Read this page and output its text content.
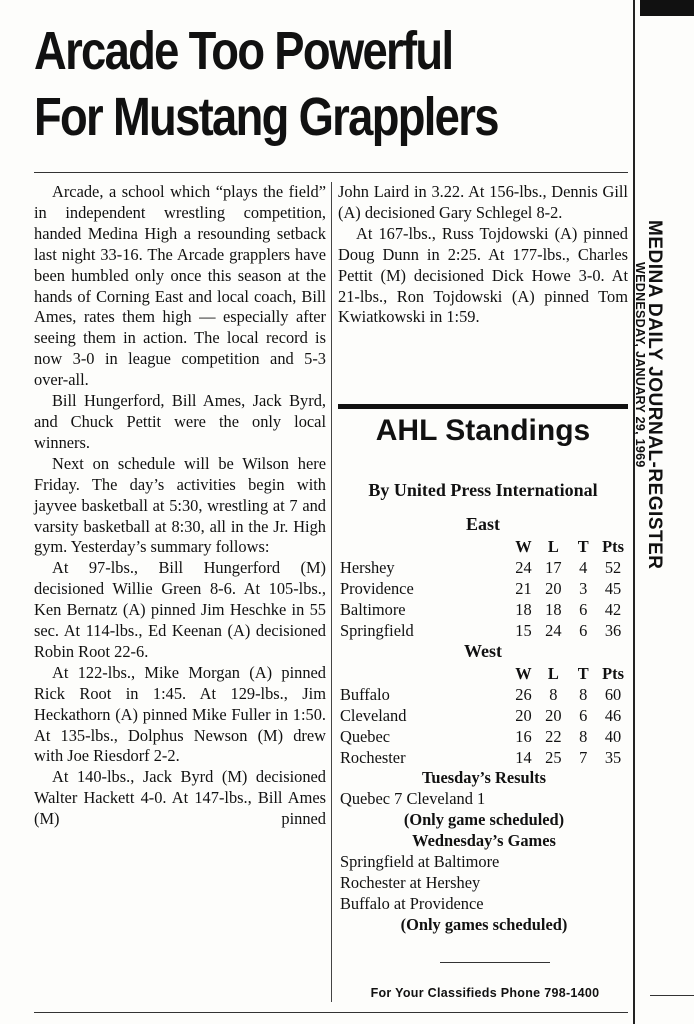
Arcade Too Powerful
For Mustang Grapplers

Arcade, a school which “plays the field” in independent wrestling competition, handed Medina High a resounding setback last night 33-16. The Arcade grapplers have been humbled only once this season at the hands of Corning East and local coach, Bill Ames, rates them high — especially after seeing them in action. The local record is now 3-0 in league competition and 5-3 over-all.

Bill Hungerford, Bill Ames, Jack Byrd, and Chuck Pettit were the only local winners.

Next on schedule will be Wilson here Friday. The day’s activities begin with jayvee basketball at 5:30, wrestling at 7 and varsity basketball at 8:30, all in the Jr. High gym. Yesterday’s summary follows:

At 97-lbs., Bill Hungerford (M) decisioned Willie Green 8-6. At 105-lbs., Ken Bernatz (A) pinned Jim Heschke in 55 sec. At 114-lbs., Ed Keenan (A) decisioned Robin Root 22-6.

At 122-lbs., Mike Morgan (A) pinned Rick Root in 1:45. At 129-lbs., Jim Heckathorn (A) pinned Mike Fuller in 1:50. At 135-lbs., Dolphus Newson (M) drew with Joe Riesdorf 2-2.

At 140-lbs., Jack Byrd (M) decisioned Walter Hackett 4-0. At 147-lbs., Bill Ames (M) pinned

John Laird in 3.22. At 156-lbs., Dennis Gill (A) decisioned Gary Schlegel 8-2.

At 167-lbs., Russ Tojdowski (A) pinned Doug Dunn in 2:25. At 177-lbs., Charles Pettit (M) decisioned Dick Howe 3-0. At 21-lbs., Ron Tojdowski (A) pinned Tom Kwiatkowski in 1:59.

AHL Standings
By United Press International
East
	W	L	T	Pts
Hershey	24	17	4	52
Providence	21	20	3	45
Baltimore	18	18	6	42
Springfield	15	24	6	36
West
	W	L	T	Pts
Buffalo	26	8	8	60
Cleveland	20	20	6	46
Quebec	16	22	8	40
Rochester	14	25	7	35
Tuesday’s Results
Quebec 7 Cleveland 1
(Only game scheduled)
Wednesday’s Games
Springfield at Baltimore
Rochester at Hershey
Buffalo at Providence
(Only games scheduled)
For Your Classifieds Phone 798-1400
MEDINA DAILY JOURNAL-REGISTER
WEDNESDAY, JANUARY 29, 1969
